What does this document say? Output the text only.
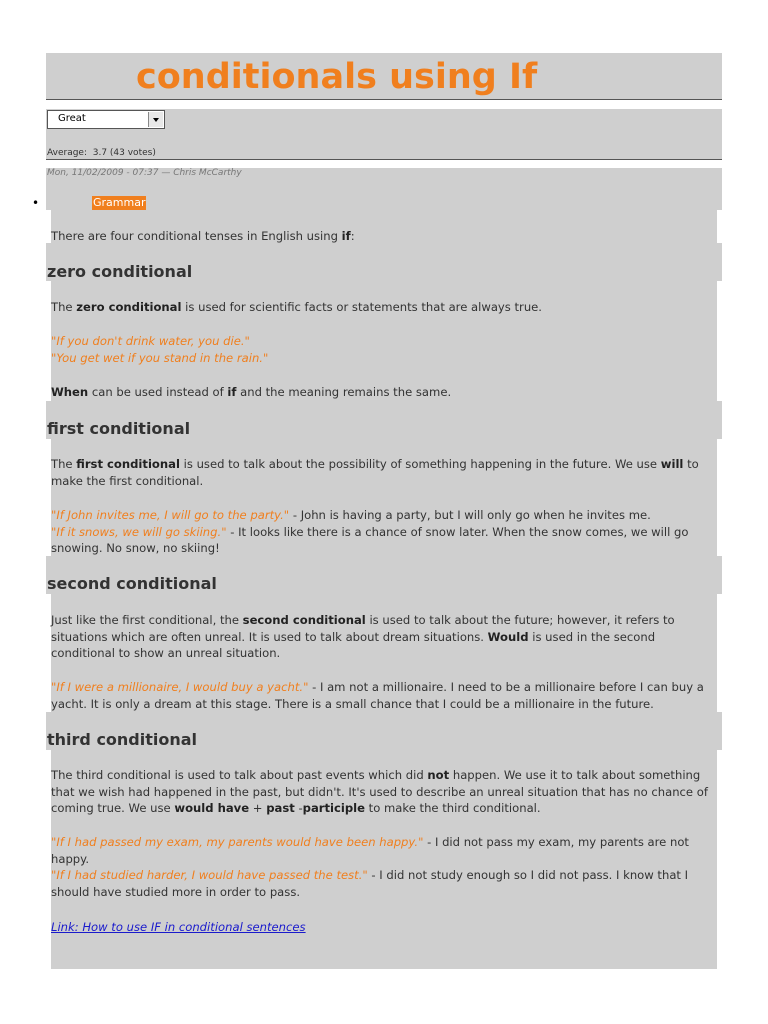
conditionals using If
Great
Average: 3.7 (43 votes)
Mon, 11/02/2009 - 07:37 — Chris McCarthy
•	Grammar

There are four conditional tenses in English using if:

zero conditional

The zero conditional is used for scientific facts or statements that are always true.

"If you don't drink water, you die."
"You get wet if you stand in the rain."

When can be used instead of if and the meaning remains the same.

first conditional

The first conditional is used to talk about the possibility of something happening in the future. We use will to make the first conditional.

"If John invites me, I will go to the party." - John is having a party, but I will only go when he invites me.
"If it snows, we will go skiing." - It looks like there is a chance of snow later. When the snow comes, we will go snowing. No snow, no skiing!

second conditional

Just like the first conditional, the second conditional is used to talk about the future; however, it refers to situations which are often unreal. It is used to talk about dream situations. Would is used in the second conditional to show an unreal situation.

"If I were a millionaire, I would buy a yacht." - I am not a millionaire. I need to be a millionaire before I can buy a yacht. It is only a dream at this stage. There is a small chance that I could be a millionaire in the future.

third conditional

The third conditional is used to talk about past events which did not happen. We use it to talk about something that we wish had happened in the past, but didn't. It's used to describe an unreal situation that has no chance of coming true. We use would have + past -participle to make the third conditional.

"If I had passed my exam, my parents would have been happy." - I did not pass my exam, my parents are not happy.
"If I had studied harder, I would have passed the test." - I did not study enough so I did not pass. I know that I should have studied more in order to pass.

Link: How to use IF in conditional sentences
